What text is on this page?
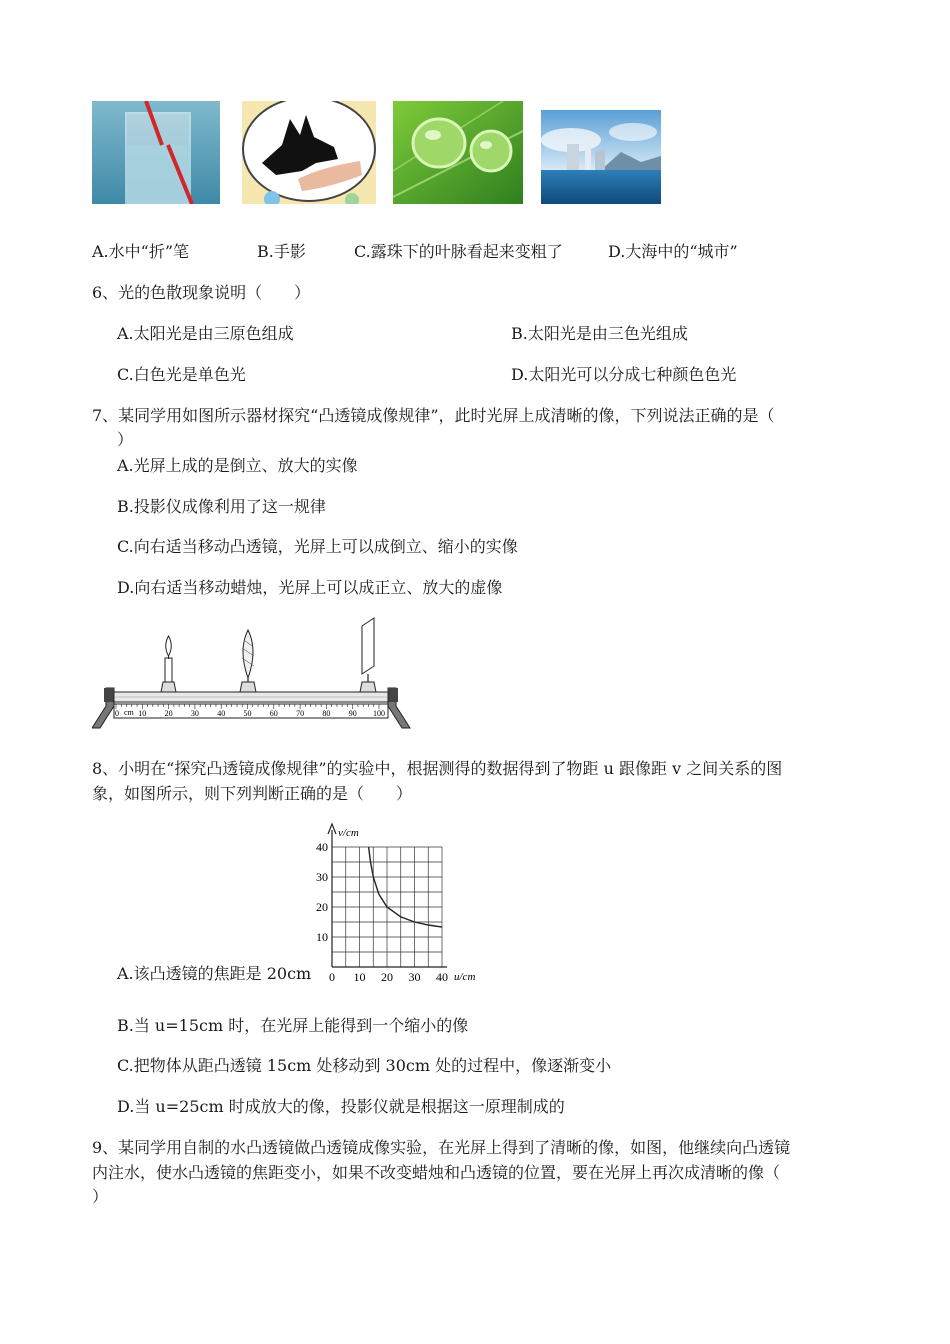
A.水中“折”笔	B.手影	C.露珠下的叶脉看起来变粗了	D.大海中的“城市”
6、光的色散现象说明（　　）
A.太阳光是由三原色组成	B.太阳光是由三色光组成
C.白色光是单色光	D.太阳光可以分成七种颜色色光
7、某同学用如图所示器材探究“凸透镜成像规律”，此时光屏上成清晰的像，下列说法正确的是（
）
A.光屏上成的是倒立、放大的实像
B.投影仪成像利用了这一规律
C.向右适当移动凸透镜，光屏上可以成倒立、缩小的实像
D.向右适当移动蜡烛，光屏上可以成正立、放大的虚像
0 10 20 30 40 50 60 70 80 90 100
cm
8、小明在“探究凸透镜成像规律”的实验中，根据测得的数据得到了物距 u 跟像距 v 之间关系的图
象，如图所示，则下列判断正确的是（　　）
v/cm
u/cm
0 10 20 30 40
10
20
30
40
A.该凸透镜的焦距是 20cm
B.当 u=15cm 时，在光屏上能得到一个缩小的像
C.把物体从距凸透镜 15cm 处移动到 30cm 处的过程中，像逐渐变小
D.当 u=25cm 时成放大的像，投影仪就是根据这一原理制成的
9、某同学用自制的水凸透镜做凸透镜成像实验，在光屏上得到了清晰的像，如图，他继续向凸透镜
内注水，使水凸透镜的焦距变小，如果不改变蜡烛和凸透镜的位置，要在光屏上再次成清晰的像（
）
